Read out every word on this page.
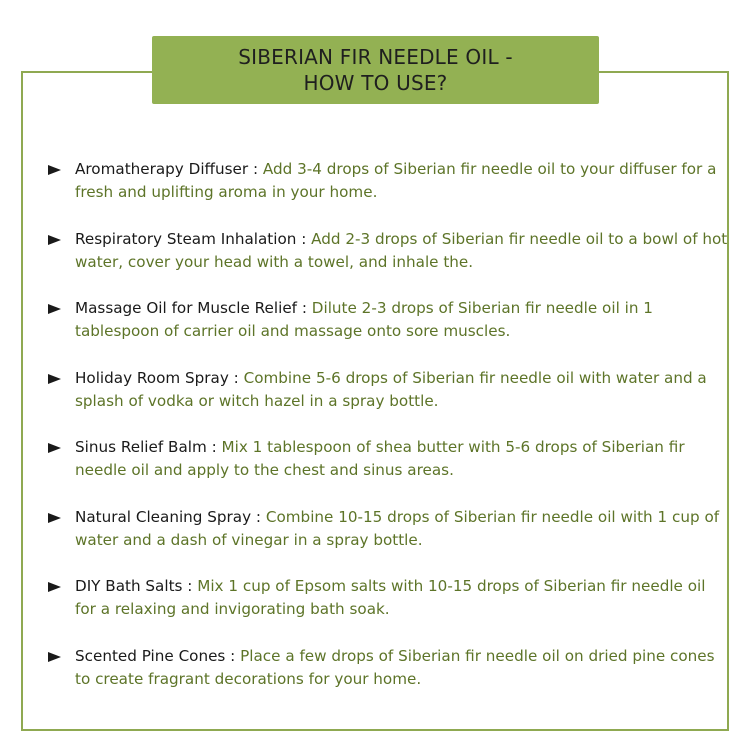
SIBERIAN FIR NEEDLE OIL -
HOW TO USE?
Aromatherapy Diffuser : Add 3-4 drops of Siberian fir needle oil to your diffuser for a fresh and uplifting aroma in your home.
Respiratory Steam Inhalation : Add 2-3 drops of Siberian fir needle oil to a bowl of hot water, cover your head with a towel, and inhale the.
Massage Oil for Muscle Relief : Dilute 2-3 drops of Siberian fir needle oil in 1 tablespoon of carrier oil and massage onto sore muscles.
Holiday Room Spray : Combine 5-6 drops of Siberian fir needle oil with water and a splash of vodka or witch hazel in a spray bottle.
Sinus Relief Balm : Mix 1 tablespoon of shea butter with 5-6 drops of Siberian fir needle oil and apply to the chest and sinus areas.
Natural Cleaning Spray : Combine 10-15 drops of Siberian fir needle oil with 1 cup of water and a dash of vinegar in a spray bottle.
DIY Bath Salts : Mix 1 cup of Epsom salts with 10-15 drops of Siberian fir needle oil for a relaxing and invigorating bath soak.
Scented Pine Cones : Place a few drops of Siberian fir needle oil on dried pine cones to create fragrant decorations for your home.
